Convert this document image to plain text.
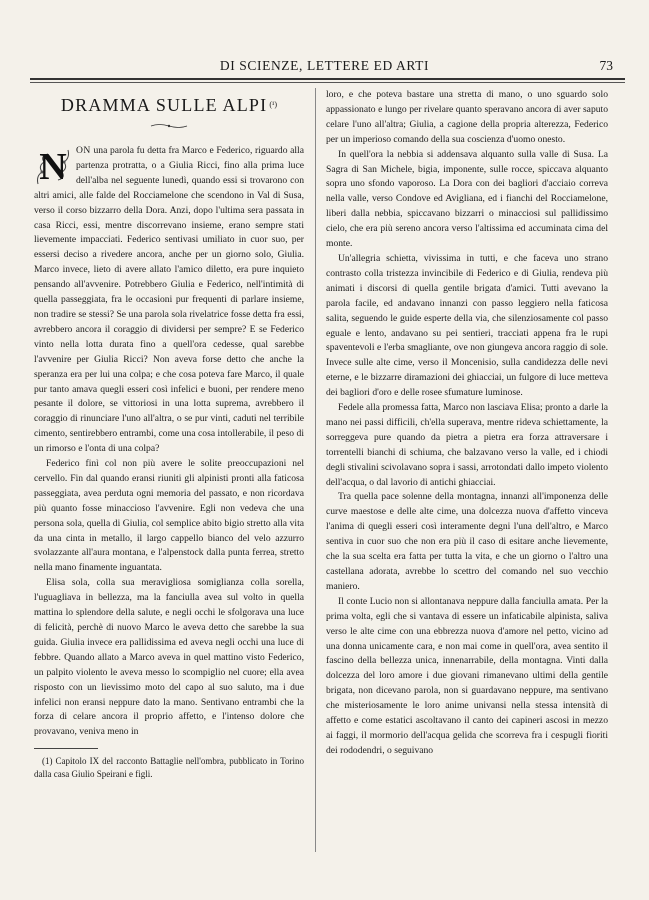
DI SCIENZE, LETTERE ED ARTI	73
DRAMMA SULLE ALPI $^{(^1)}$

N ON una parola fu detta fra Marco e Federico, riguardo alla partenza protratta, o a Giulia Ricci, fino alla prima luce dell'alba nel seguente lunedì, quando essi si trovarono con altri amici, alle falde del Rocciamelone che scendono in Val di Susa, verso il corso bizzarro della Dora. Anzi, dopo l'ultima sera passata in casa Ricci, essi, mentre discorrevano insieme, erano sempre stati lievemente impacciati. Federico sentivasi umiliato in cuor suo, per essersi deciso a rivedere ancora, anche per un giorno solo, Giulia. Marco invece, lieto di avere allato l'amico diletto, era pure inquieto pensando all'avvenire. Potrebbero Giulia e Federico, nell'intimità di quella passeggiata, fra le occasioni pur frequenti di parlare insieme, non tradire se stessi? Se una parola sola rivelatrice fosse detta fra essi, avrebbero ancora il coraggio di dividersi per sempre? E se Federico vinto nella lotta durata fino a quell'ora cedesse, qual sarebbe l'avvenire per Giulia Ricci? Non aveva forse detto che anche la speranza era per lui una colpa; e che cosa poteva fare Marco, il quale pur tanto amava quegli esseri così infelici e buoni, per rendere meno pesante il dolore, se vittoriosi in una lotta suprema, avrebbero il coraggio di rinunciare l'uno all'altra, o se pur vinti, caduti nel terribile cimento, sentirebbero entrambi, come una cosa intollerabile, il peso di un rimorso e l'onta di una colpa?

Federico finì col non più avere le solite preoccupazioni nel cervello. Fin dal quando eransi riuniti gli alpinisti pronti alla faticosa passeggiata, avea perduta ogni memoria del passato, e non ricordava più quanto fosse minaccioso l'avvenire. Egli non vedeva che una persona sola, quella di Giulia, col semplice abito bigio stretto alla vita da una cinta in metallo, il largo cappello bianco del velo azzurro svolazzante all'aura montana, e l'alpenstock dalla punta ferrea, stretto nella mano finamente inguantata.

Elisa sola, colla sua meravigliosa somiglianza colla sorella, l'uguagliava in bellezza, ma la fanciulla avea sul volto in quella mattina lo splendore della salute, e negli occhi le sfolgorava una luce di felicità, perchè di nuovo Marco le aveva detto che sarebbe la sua guida. Giulia invece era pallidissima ed aveva negli occhi una luce di febbre. Quando allato a Marco aveva in quel mattino visto Federico, un palpito violento le aveva messo lo scompiglio nel cuore; ella avea risposto con un lievissimo moto del capo al suo saluto, ma i due infelici non eransi neppure dato la mano. Sentivano entrambi che la forza di celare ancora il proprio affetto, e l'intenso dolore che provavano, veniva meno in

(1) Capitolo IX del racconto Battaglie nell'ombra, pubblicato in Torino dalla casa Giulio Speirani e figli.

loro, e che poteva bastare una stretta di mano, o uno sguardo solo appassionato e lungo per rivelare quanto speravano ancora di aver saputo celare l'uno all'altra; Giulia, a cagione della propria alterezza, Federico per un imperioso comando della sua coscienza d'uomo onesto.

In quell'ora la nebbia si addensava alquanto sulla valle di Susa. La Sagra di San Michele, bigia, imponente, sulle rocce, spiccava alquanto sopra uno sfondo vaporoso. La Dora con dei bagliori d'acciaio correva nella valle, verso Condove ed Avigliana, ed i fianchi del Rocciamelone, liberi dalla nebbia, spiccavano bizzarri o minacciosi sul pallidissimo cielo, che era più sereno ancora verso l'altissima ed accuminata cima del monte.

Un'allegria schietta, vivissima in tutti, e che faceva uno strano contrasto colla tristezza invincibile di Federico e di Giulia, rendeva più animati i discorsi di quella gentile brigata d'amici. Tutti avevano la parola facile, ed andavano innanzi con passo leggiero nella faticosa salita, seguendo le guide esperte della via, che silenziosamente col passo eguale e lento, andavano su pei sentieri, tracciati appena fra le rupi spaventevoli e l'erba smagliante, ove non giungeva ancora raggio di sole. Invece sulle alte cime, verso il Moncenisio, sulla candidezza delle nevi eterne, e le bizzarre diramazioni dei ghiacciai, un fulgore di luce metteva dei bagliori d'oro e delle rosee sfumature luminose.

Fedele alla promessa fatta, Marco non lasciava Elisa; pronto a darle la mano nei passi difficili, ch'ella superava, mentre rideva schiettamente, la sorreggeva pure quando da pietra a pietra era forza attraversare i torrentelli bianchi di schiuma, che balzavano verso la valle, ed i chiodi degli stivalini scivolavano sopra i sassi, arrotondati dallo impeto violento dell'acqua, o dal lavorio di antichi ghiacciai.

Tra quella pace solenne della montagna, innanzi all'imponenza delle curve maestose e delle alte cime, una dolcezza nuova d'affetto vinceva l'anima di quegli esseri così interamente degni l'una dell'altro, e Marco sentiva in cuor suo che non era più il caso di esitare anche lievemente, che la sua scelta era fatta per tutta la vita, e che un giorno o l'altro una castellana adorata, avrebbe lo scettro del comando nel suo vecchio maniero.

Il conte Lucio non si allontanava neppure dalla fanciulla amata. Per la prima volta, egli che si vantava di essere un infaticabile alpinista, saliva verso le alte cime con una ebbrezza nuova d'amore nel petto, vicino ad una donna unicamente cara, e non mai come in quell'ora, avea sentito il fascino della bellezza unica, innenarrabile, della montagna. Vinti dalla dolcezza del loro amore i due giovani rimanevano ultimi della gentile brigata, non dicevano parola, non si guardavano neppure, ma sentivano che misteriosamente le loro anime univansi nella stessa intensità di affetto e come estatici ascoltavano il canto dei capineri ascosi in mezzo ai faggi, il mormorio dell'acqua gelida che scorreva fra i cespugli fioriti dei rododendri, o seguivano
